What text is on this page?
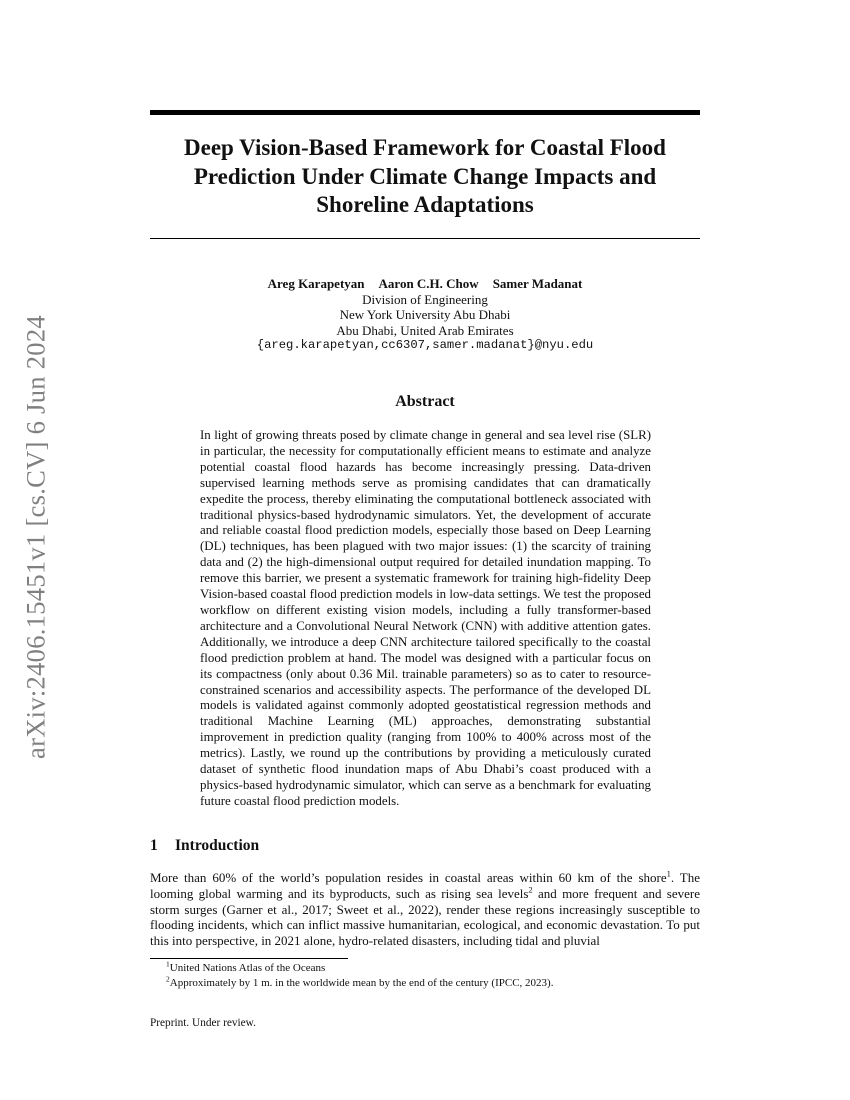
arXiv:2406.15451v1 [cs.CV] 6 Jun 2024
Deep Vision-Based Framework for Coastal Flood Prediction Under Climate Change Impacts and Shoreline Adaptations
Areg Karapetyan Aaron C.H. Chow Samer Madanat
Division of Engineering
New York University Abu Dhabi
Abu Dhabi, United Arab Emirates
{areg.karapetyan,cc6307,samer.madanat}@nyu.edu
Abstract

In light of growing threats posed by climate change in general and sea level rise (SLR) in particular, the necessity for computationally efficient means to estimate and analyze potential coastal flood hazards has become increasingly pressing. Data-driven supervised learning methods serve as promising candidates that can dramatically expedite the process, thereby eliminating the computational bottleneck associated with traditional physics-based hydrodynamic simulators. Yet, the development of accurate and reliable coastal flood prediction models, especially those based on Deep Learning (DL) techniques, has been plagued with two major issues: (1) the scarcity of training data and (2) the high-dimensional output required for detailed inundation mapping. To remove this barrier, we present a systematic framework for training high-fidelity Deep Vision-based coastal flood prediction models in low-data settings. We test the proposed workflow on different existing vision models, including a fully transformer-based architecture and a Convolutional Neural Network (CNN) with additive attention gates. Additionally, we introduce a deep CNN architecture tailored specifically to the coastal flood prediction problem at hand. The model was designed with a particular focus on its compactness (only about 0.36 Mil. trainable parameters) so as to cater to resource-constrained scenarios and accessibility aspects. The performance of the developed DL models is validated against commonly adopted geostatistical regression methods and traditional Machine Learning (ML) approaches, demonstrating substantial improvement in prediction quality (ranging from 100% to 400% across most of the metrics). Lastly, we round up the contributions by providing a meticulously curated dataset of synthetic flood inundation maps of Abu Dhabi’s coast produced with a physics-based hydrodynamic simulator, which can serve as a benchmark for evaluating future coastal flood prediction models.

1 Introduction

More than 60% of the world’s population resides in coastal areas within 60 km of the shore$^1$. The looming global warming and its byproducts, such as rising sea levels$^2$ and more frequent and severe storm surges (Garner et al., 2017; Sweet et al., 2022), render these regions increasingly susceptible to flooding incidents, which can inflict massive humanitarian, ecological, and economic devastation. To put this into perspective, in 2021 alone, hydro-related disasters, including tidal and pluvial

$^1$United Nations Atlas of the Oceans
$^2$Approximately by 1 m. in the worldwide mean by the end of the century (IPCC, 2023).
Preprint. Under review.
